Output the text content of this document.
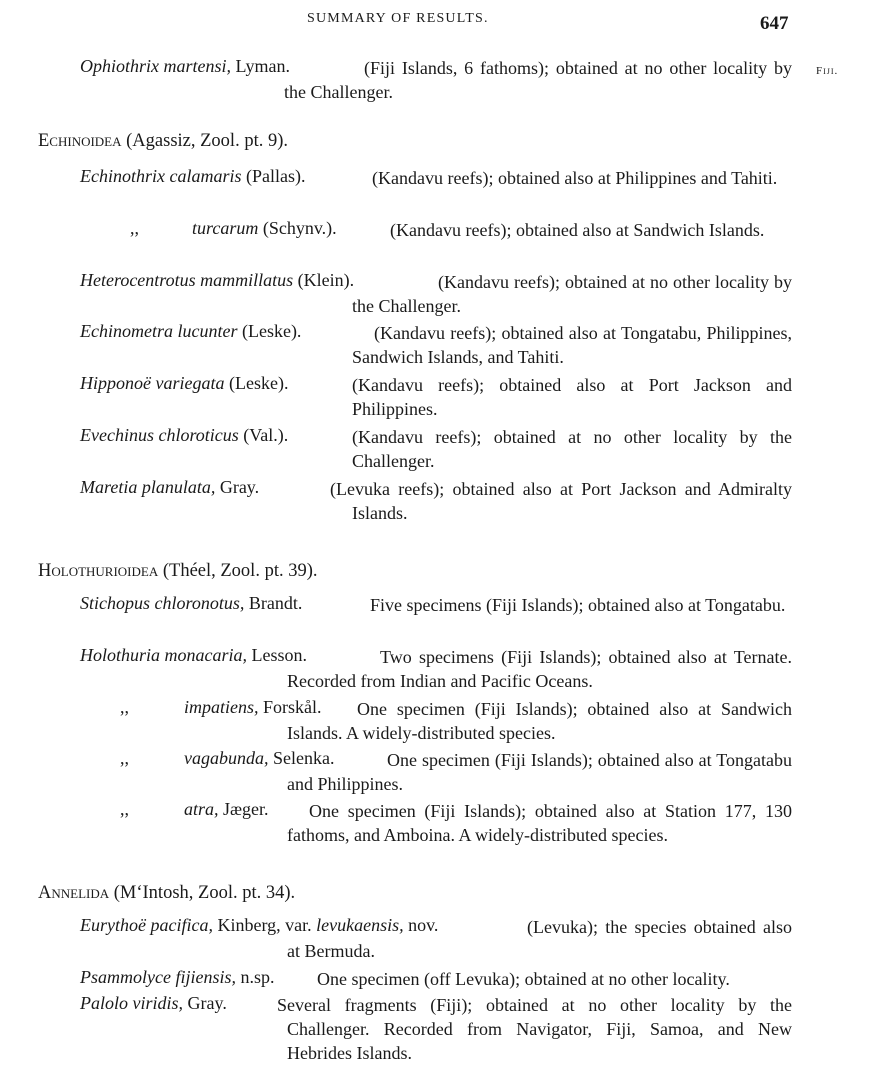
SUMMARY OF RESULTS.	647
Ophiothrix martensi, Lyman.	(Fiji Islands, 6 fathoms); obtained at no other locality by the Challenger.
Fiji.
Echinoidea (Agassiz, Zool. pt. 9).
Echinothrix calamaris (Pallas).	(Kandavu reefs); obtained also at Philippines and Tahiti.
,,	turcarum (Schynv.).	(Kandavu reefs); obtained also at Sandwich Islands.
Heterocentrotus mammillatus (Klein).	(Kandavu reefs); obtained at no other locality by the Challenger.
Echinometra lucunter (Leske).	(Kandavu reefs); obtained also at Tongatabu, Philippines, Sandwich Islands, and Tahiti.
Hipponoë variegata (Leske).	(Kandavu reefs); obtained also at Port Jackson and Philippines.
Evechinus chloroticus (Val.).	(Kandavu reefs); obtained at no other locality by the Challenger.
Maretia planulata, Gray.	(Levuka reefs); obtained also at Port Jackson and Admiralty Islands.
Holothurioidea (Théel, Zool. pt. 39).
Stichopus chloronotus, Brandt.	Five specimens (Fiji Islands); obtained also at Tongatabu.
Holothuria monacaria, Lesson.	Two specimens (Fiji Islands); obtained also at Ternate. Recorded from Indian and Pacific Oceans.
,,	impatiens, Forskål.	One specimen (Fiji Islands); obtained also at Sandwich Islands. A widely-distributed species.
,,	vagabunda, Selenka.	One specimen (Fiji Islands); obtained also at Tongatabu and Philippines.
,,	atra, Jæger.	One specimen (Fiji Islands); obtained also at Station 177, 130 fathoms, and Amboina. A widely-distributed species.
Annelida (M‘Intosh, Zool. pt. 34).
Eurythoë pacifica, Kinberg, var. levukaensis, nov.	(Levuka); the species obtained also at Bermuda.
Psammolyce fijiensis, n.sp.	One specimen (off Levuka); obtained at no other locality.
Palolo viridis, Gray.	Several fragments (Fiji); obtained at no other locality by the Challenger. Recorded from Navigator, Fiji, Samoa, and New Hebrides Islands.
